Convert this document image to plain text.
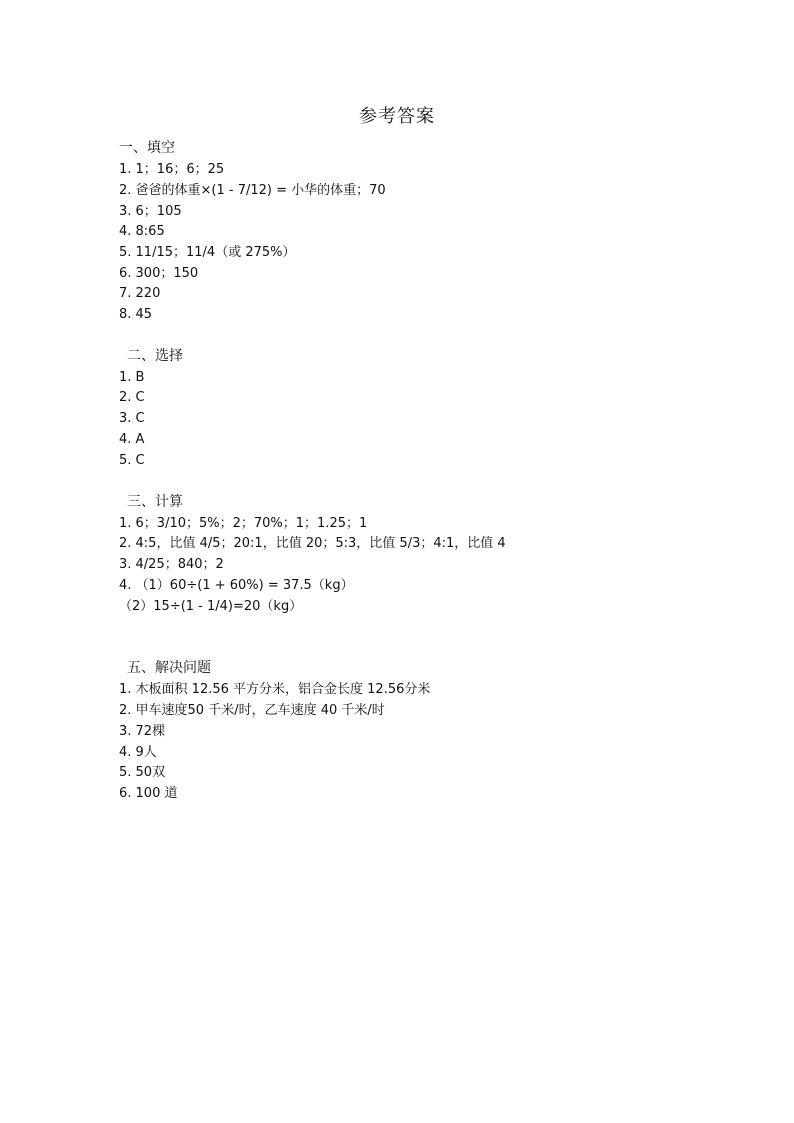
参考答案
一、填空
1. 1；16；6；25
2. 爸爸的体重×(1 - 7/12) = 小华的体重；70
3. 6；105
4. 8:65
5. 11/15；11/4（或 275%）
6. 300；150
7. 220
8. 45
二、选择
1. B
2. C
3. C
4. A
5. C
三、计算
1. 6；3/10；5%；2；70%；1；1.25；1
2. 4:5，比值 4/5；20:1，比值 20；5:3，比值 5/3；4:1，比值 4
3. 4/25；840；2
4. （1）60÷(1 + 60%) = 37.5（kg）
（2）15÷(1 - 1/4)=20（kg）
五、解决问题
1. 木板面积 12.56 平方分米，铝合金长度 12.56分米
2. 甲车速度50 千米/时，乙车速度 40 千米/时
3. 72棵
4. 9人
5. 50双
6. 100 道
